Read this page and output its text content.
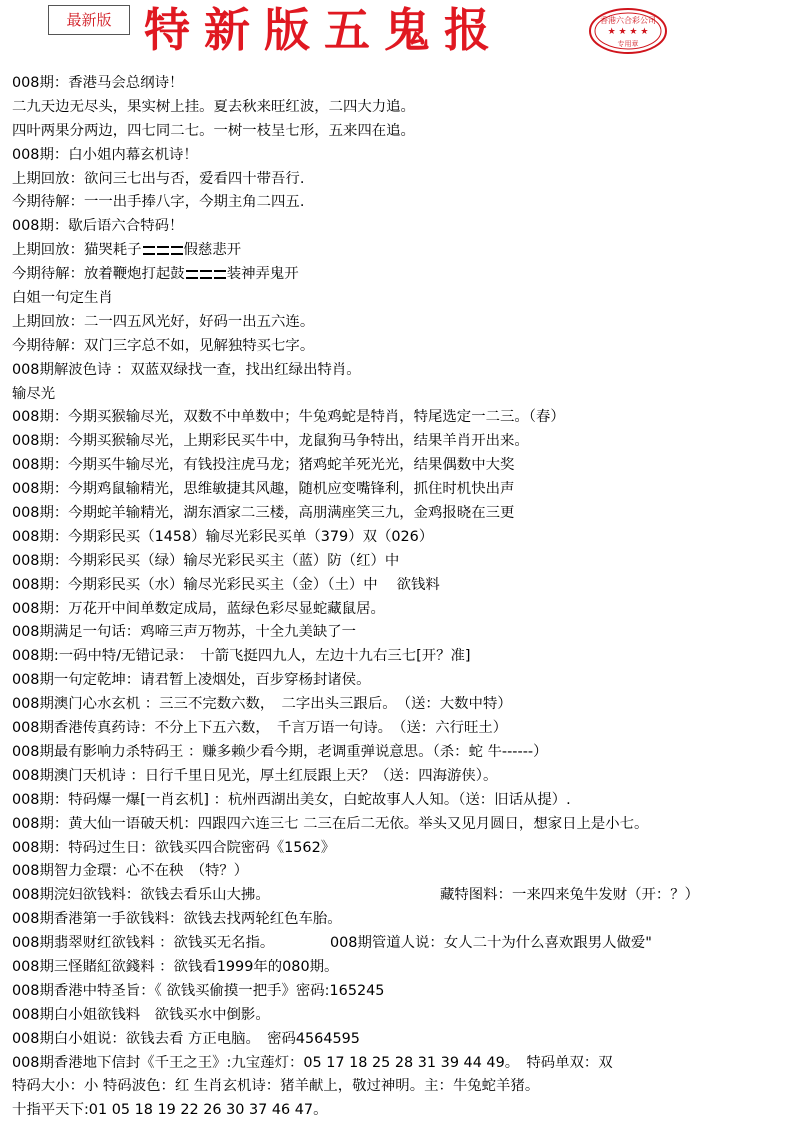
最新版 特新版五鬼报	香港六合彩公司
★ ★ ★ ★
专用章
008期：香港马会总纲诗！
二九天边无尽头，果实树上挂。夏去秋来旺红波，二四大力追。
四叶两果分两边，四七同二七。一树一枝呈七形，五来四在追。
008期：白小姐内幕玄机诗！
上期回放：欲问三七出与否，爱看四十带吾行.
今期待解：一一出手捧八字，今期主角二四五.
008期：歇后语六合特码！
上期回放：猫哭耗子	假慈悲开
今期待解：放着鞭炮打起鼓	装神弄鬼开
白姐一句定生肖
上期回放：二一四五风光好，好码一出五六连。
今期待解：双门三字总不如，见解独特买七字。
008期解波色诗 ：双蓝双绿找一查，找出红绿出特肖。
输尽光
008期：今期买猴输尽光，双数不中单数中；牛兔鸡蛇是特肖，特尾选定一二三。（春）
008期：今期买猴输尽光，上期彩民买牛中，龙鼠狗马争特出，结果羊肖开出来。
008期：今期买牛输尽光，有钱投注虎马龙；猪鸡蛇羊死光光，结果偶数中大奖
008期：今期鸡鼠输精光，思维敏捷其风趣，随机应变嘴锋利，抓住时机快出声
008期：今期蛇羊输精光，湖东酒家二三楼，高朋满座笑三九，金鸡报晓在三更
008期：今期彩民买（1458）输尽光彩民买单（379）双（026）
008期：今期彩民买（绿）输尽光彩民买主（蓝）防（红）中
008期：今期彩民买（水）输尽光彩民买主（金）（土）中　 欲钱料
008期：万花开中间单数定成局，蓝绿色彩尽显蛇藏鼠居。
008期满足一句话：鸡啼三声万物苏，十全九美缺了一
008期:一码中特/无错记录：　十箭飞挺四九人，左边十九右三七[开？准]
008期一句定乾坤：请君暂上凌烟处，百步穿杨封诸侯。
008期澳门心水玄机 ：三三不完数六数，　二字出头三跟后。　（送：大数中特）
008期香港传真药诗：不分上下五六数，　千言万语一句诗。　（送：六行旺土）
008期最有影响力杀特码王 ：赚多赖少看今期，老调重弹说意思。（杀：蛇 牛------）
008期澳门天机诗 ：日行千里日见光，厚土红辰跟上天？（送：四海游侠）。
008期：特码爆一爆[一肖玄机] ：杭州西湖出美女，白蛇故事人人知。（送：旧话从提）.
008期：黄大仙一语破天机：四跟四六连三七 二三在后二无依。举头又见月圆日，想家日上是小七。
008期：特码过生日：欲钱买四合院密码《1562》
008期智力金環：心不在秧　（特？）
008期浣妇欲钱料：欲钱去看乐山大拂。	藏特图料：一来四来兔牛发财（开：？）
008期香港第一手欲钱料：欲钱去找两轮红色车胎。
008期翡翠财红欲钱料 ：欲钱买无名指。	008期管道人说：女人二十为什么喜欢跟男人做爱"
008期三怪賭紅欲錢料 ：欲钱看1999年的080期。
008期香港中特圣旨：《 欲钱买偷摸一把手》密码:165245
008期白小姐欲钱料　欲钱买水中倒影。
008期白小姐说：欲钱去看 方正电脑。　密码4564595
008期香港地下信封《千王之王》:九宝莲灯：05 17 18 25 28 31 39 44 49。　特码单双：双
特码大小：小 特码波色：红 生肖玄机诗：猪羊献上，敬过神明。主：牛兔蛇羊猪。
十指平天下:01 05 18 19 22 26 30 37 46 47。
